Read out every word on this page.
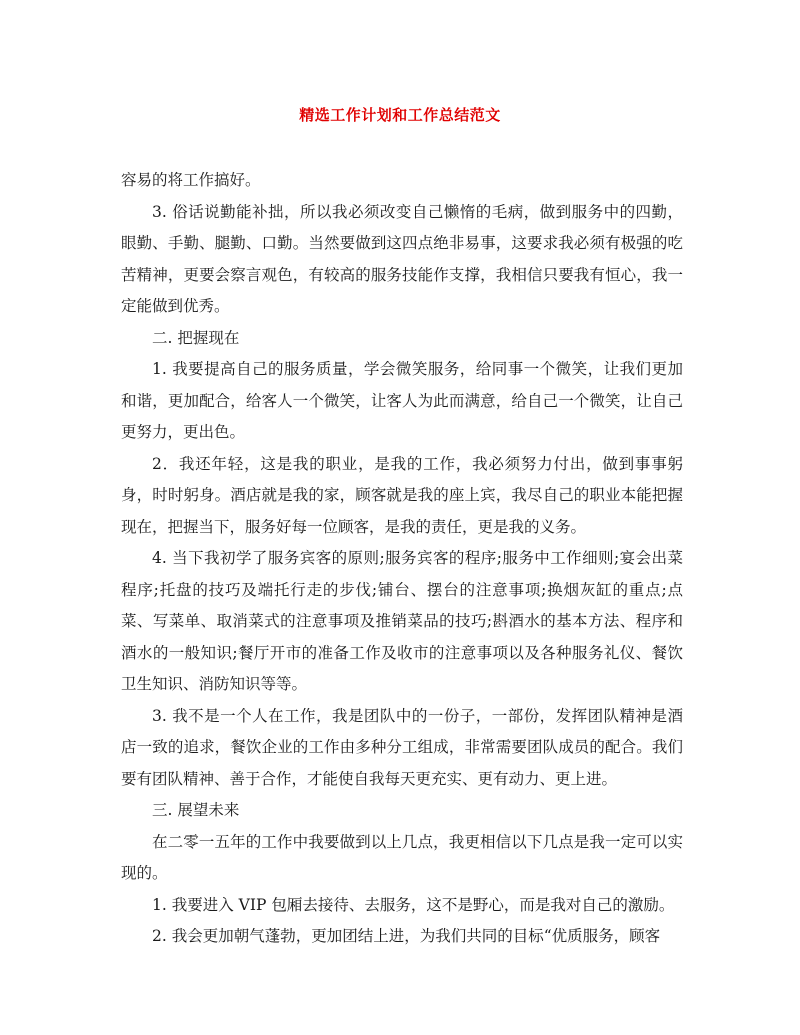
精选工作计划和工作总结范文

容易的将工作搞好。

3. 俗话说勤能补拙，所以我必须改变自己懒惰的毛病，做到服务中的四勤，眼勤、手勤、腿勤、口勤。当然要做到这四点绝非易事，这要求我必须有极强的吃苦精神，更要会察言观色，有较高的服务技能作支撑，我相信只要我有恒心，我一定能做到优秀。

二. 把握现在

1. 我要提高自己的服务质量，学会微笑服务，给同事一个微笑，让我们更加和谐，更加配合，给客人一个微笑，让客人为此而满意，给自己一个微笑，让自己更努力，更出色。

2．我还年轻，这是我的职业，是我的工作，我必须努力付出，做到事事躬身，时时躬身。酒店就是我的家，顾客就是我的座上宾，我尽自己的职业本能把握现在，把握当下，服务好每一位顾客，是我的责任，更是我的义务。

4. 当下我初学了服务宾客的原则;服务宾客的程序;服务中工作细则;宴会出菜程序;托盘的技巧及端托行走的步伐;铺台、摆台的注意事项;换烟灰缸的重点;点菜、写菜单、取消菜式的注意事项及推销菜品的技巧;斟酒水的基本方法、程序和酒水的一般知识;餐厅开市的准备工作及收市的注意事项以及各种服务礼仪、餐饮卫生知识、消防知识等等。

3. 我不是一个人在工作，我是团队中的一份子，一部份，发挥团队精神是酒店一致的追求，餐饮企业的工作由多种分工组成，非常需要团队成员的配合。我们要有团队精神、善于合作，才能使自我每天更充实、更有动力、更上进。

三. 展望未来

在二零一五年的工作中我要做到以上几点，我更相信以下几点是我一定可以实现的。

1. 我要进入 VIP 包厢去接待、去服务，这不是野心，而是我对自己的激励。

2. 我会更加朝气蓬勃，更加团结上进，为我们共同的目标“优质服务，顾客
